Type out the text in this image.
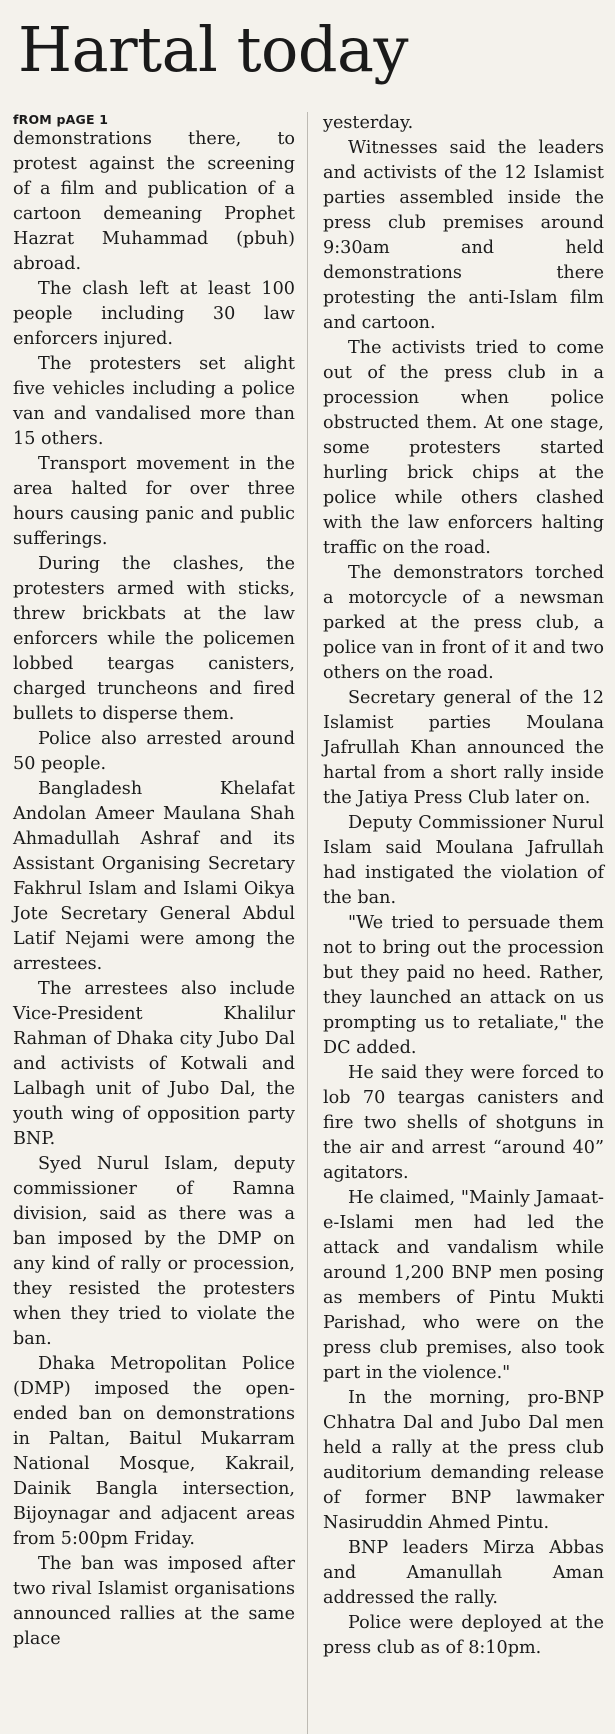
Hartal today
fROM pAGE 1

demonstrations there, to protest against the screening of a film and publication of a cartoon demeaning Prophet Hazrat Muhammad (pbuh) abroad.

The clash left at least 100 people including 30 law enforcers injured.

The protesters set alight five vehicles including a police van and vandalised more than 15 others.

Transport movement in the area halted for over three hours causing panic and public sufferings.

During the clashes, the protesters armed with sticks, threw brickbats at the law enforcers while the policemen lobbed teargas canisters, charged truncheons and fired bullets to disperse them.

Police also arrested around 50 people.

Bangladesh Khelafat Andolan Ameer Maulana Shah Ahmadullah Ashraf and its Assistant Organising Secretary Fakhrul Islam and Islami Oikya Jote Secretary General Abdul Latif Nejami were among the arrestees.

The arrestees also include Vice-President Khalilur Rahman of Dhaka city Jubo Dal and activists of Kotwali and Lalbagh unit of Jubo Dal, the youth wing of opposition party BNP.

Syed Nurul Islam, deputy commissioner of Ramna division, said as there was a ban imposed by the DMP on any kind of rally or procession, they resisted the protesters when they tried to violate the ban.

Dhaka Metropolitan Police (DMP) imposed the open-ended ban on demonstrations in Paltan, Baitul Mukarram National Mosque, Kakrail, Dainik Bangla intersection, Bijoynagar and adjacent areas from 5:00pm Friday.

The ban was imposed after two rival Islamist organisations announced rallies at the same place

yesterday.

Witnesses said the leaders and activists of the 12 Islamist parties assembled inside the press club premises around 9:30am and held demonstrations there protesting the anti-Islam film and cartoon.

The activists tried to come out of the press club in a procession when police obstructed them. At one stage, some protesters started hurling brick chips at the police while others clashed with the law enforcers halting traffic on the road.

The demonstrators torched a motorcycle of a newsman parked at the press club, a police van in front of it and two others on the road.

Secretary general of the 12 Islamist parties Moulana Jafrullah Khan announced the hartal from a short rally inside the Jatiya Press Club later on.

Deputy Commissioner Nurul Islam said Moulana Jafrullah had instigated the violation of the ban.

"We tried to persuade them not to bring out the procession but they paid no heed. Rather, they launched an attack on us prompting us to retaliate," the DC added.

He said they were forced to lob 70 teargas canisters and fire two shells of shotguns in the air and arrest “around 40” agitators.

He claimed, "Mainly Jamaat-e-Islami men had led the attack and vandalism while around 1,200 BNP men posing as members of Pintu Mukti Parishad, who were on the press club premises, also took part in the violence."

In the morning, pro-BNP Chhatra Dal and Jubo Dal men held a rally at the press club auditorium demanding release of former BNP lawmaker Nasiruddin Ahmed Pintu.

BNP leaders Mirza Abbas and Amanullah Aman addressed the rally.

Police were deployed at the press club as of 8:10pm.
